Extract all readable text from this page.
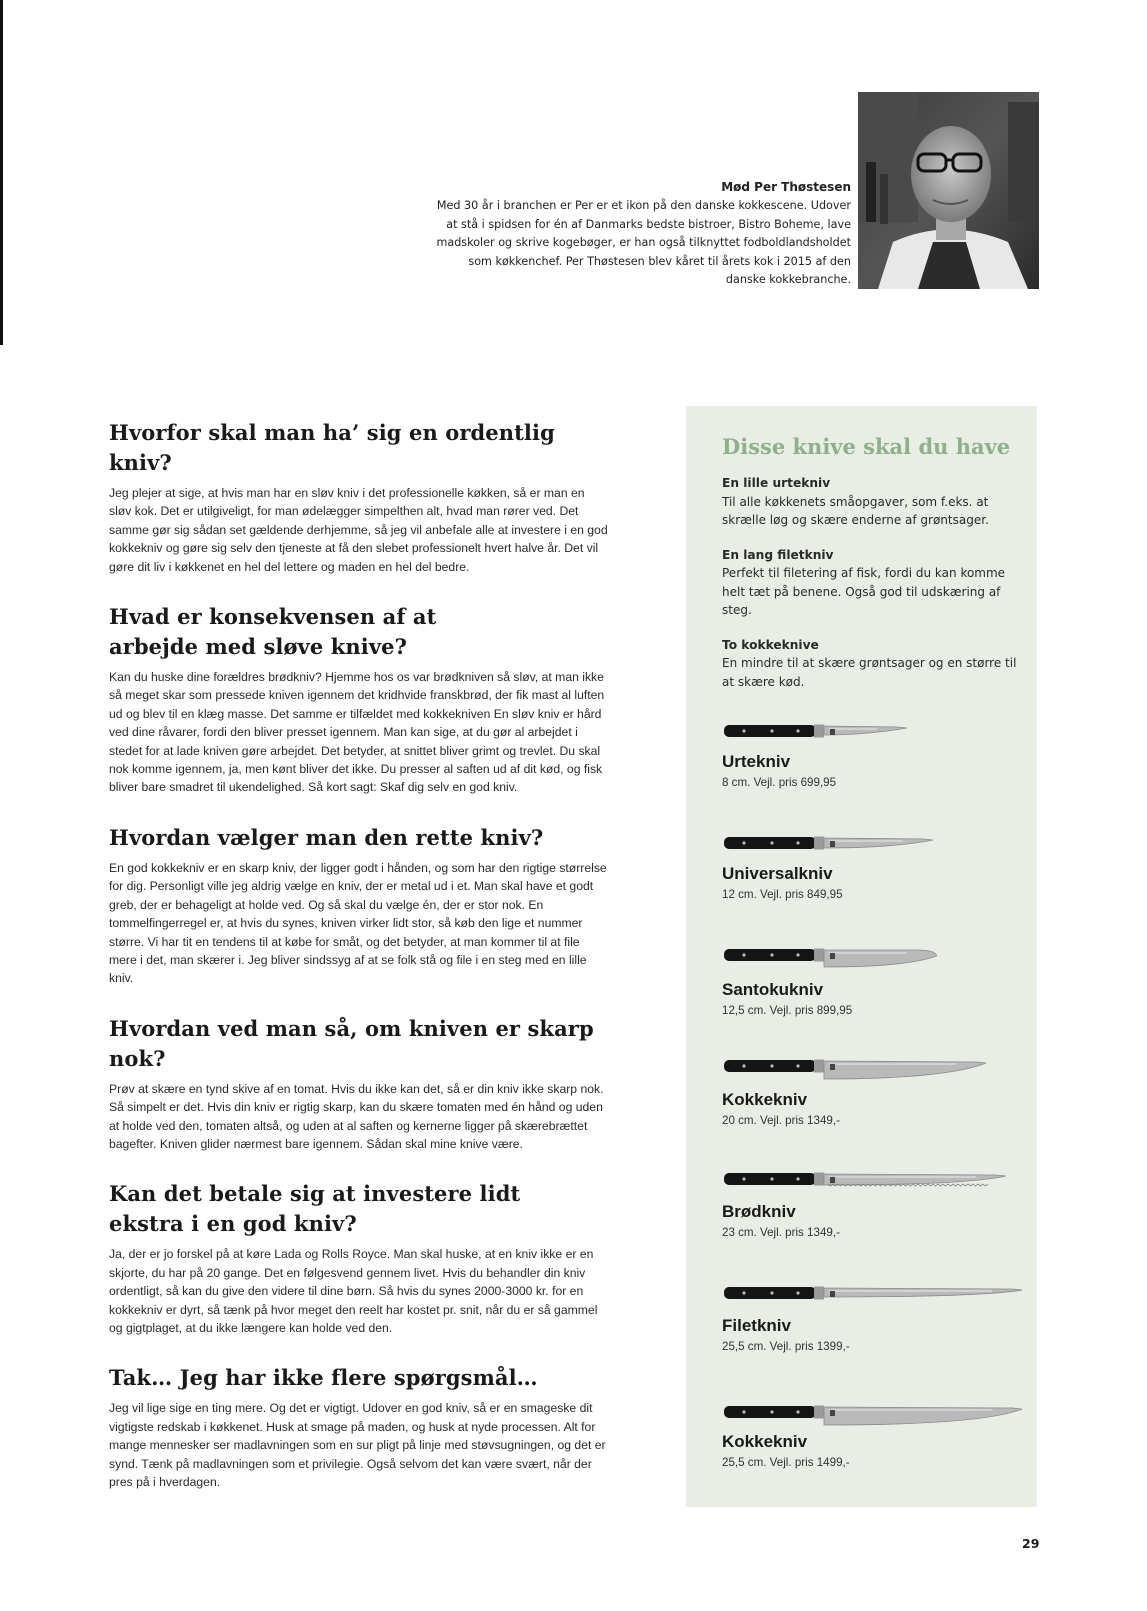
Mød Per Thøstesen

Med 30 år i branchen er Per er et ikon på den danske kokkescene. Udover at stå i spidsen for én af Danmarks bedste bistroer, Bistro Boheme, lave madskoler og skrive kogebøger, er han også tilknyttet fodboldlandsholdet som køkkenchef. Per Thøstesen blev kåret til årets kok i 2015 af den danske kokkebranche.

Hvorfor skal man ha’ sig en ordentlig kniv?

Jeg plejer at sige, at hvis man har en sløv kniv i det professionelle køkken, så er man en sløv kok. Det er utilgiveligt, for man ødelægger simpelthen alt, hvad man rører ved. Det samme gør sig sådan set gældende derhjemme, så jeg vil anbefale alle at investere i en god kokkekniv og gøre sig selv den tjeneste at få den slebet professionelt hvert halve år. Det vil gøre dit liv i køkkenet en hel del lettere og maden en hel del bedre.

Hvad er konsekvensen af at arbejde med sløve knive?

Kan du huske dine forældres brødkniv? Hjemme hos os var brødkniven så sløv, at man ikke så meget skar som pressede kniven igennem det kridhvide franskbrød, der fik mast al luften ud og blev til en klæg masse. Det samme er tilfældet med kokkekniven En sløv kniv er hård ved dine råvarer, fordi den bliver presset igennem. Man kan sige, at du gør al arbejdet i stedet for at lade kniven gøre arbejdet. Det betyder, at snittet bliver grimt og trevlet. Du skal nok komme igennem, ja, men kønt bliver det ikke. Du presser al saften ud af dit kød, og fisk bliver bare smadret til ukendelighed. Så kort sagt: Skaf dig selv en god kniv.

Hvordan vælger man den rette kniv?

En god kokkekniv er en skarp kniv, der ligger godt i hånden, og som har den rigtige størrelse for dig. Personligt ville jeg aldrig vælge en kniv, der er metal ud i et. Man skal have et godt greb, der er behageligt at holde ved. Og så skal du vælge én, der er stor nok. En tommelfingerregel er, at hvis du synes, kniven virker lidt stor, så køb den lige et nummer større. Vi har tit en tendens til at købe for småt, og det betyder, at man kommer til at file mere i det, man skærer i. Jeg bliver sindssyg af at se folk stå og file i en steg med en lille kniv.

Hvordan ved man så, om kniven er skarp nok?

Prøv at skære en tynd skive af en tomat. Hvis du ikke kan det, så er din kniv ikke skarp nok. Så simpelt er det. Hvis din kniv er rigtig skarp, kan du skære tomaten med én hånd og uden at holde ved den, tomaten altså, og uden at al saften og kernerne ligger på skærebrættet bagefter. Kniven glider nærmest bare igennem. Sådan skal mine knive være.

Kan det betale sig at investere lidt ekstra i en god kniv?

Ja, der er jo forskel på at køre Lada og Rolls Royce. Man skal huske, at en kniv ikke er en skjorte, du har på 20 gange. Det en følgesvend gennem livet. Hvis du behandler din kniv ordentligt, så kan du give den videre til dine børn. Så hvis du synes 2000-3000 kr. for en kokkekniv er dyrt, så tænk på hvor meget den reelt har kostet pr. snit, når du er så gammel og gigtplaget, at du ikke længere kan holde ved den.

Tak… Jeg har ikke flere spørgsmål…

Jeg vil lige sige en ting mere. Og det er vigtigt. Udover en god kniv, så er en smageske dit vigtigste redskab i køkkenet. Husk at smage på maden, og husk at nyde processen. Alt for mange mennesker ser madlavningen som en sur pligt på linje med støvsugningen, og det er synd. Tænk på madlavningen som et privilegie. Også selvom det kan være svært, når der pres på i hverdagen.

Disse knive skal du have
En lille urtekniv
Til alle køkkenets småopgaver, som f.eks. at skrælle løg og skære enderne af grøntsager.
En lang filetkniv
Perfekt til filetering af fisk, fordi du kan komme helt tæt på benene. Også god til udskæring af steg.
To kokkeknive
En mindre til at skære grøntsager og en større til at skære kød.
Urtekniv
8 cm. Vejl. pris 699,95
Universalkniv
12 cm. Vejl. pris 849,95
Santokukniv
12,5 cm. Vejl. pris 899,95
Kokkekniv
20 cm. Vejl. pris 1349,-
Brødkniv
23 cm. Vejl. pris 1349,-
Filetkniv
25,5 cm. Vejl. pris 1399,-
Kokkekniv
25,5 cm. Vejl. pris 1499,-
29
